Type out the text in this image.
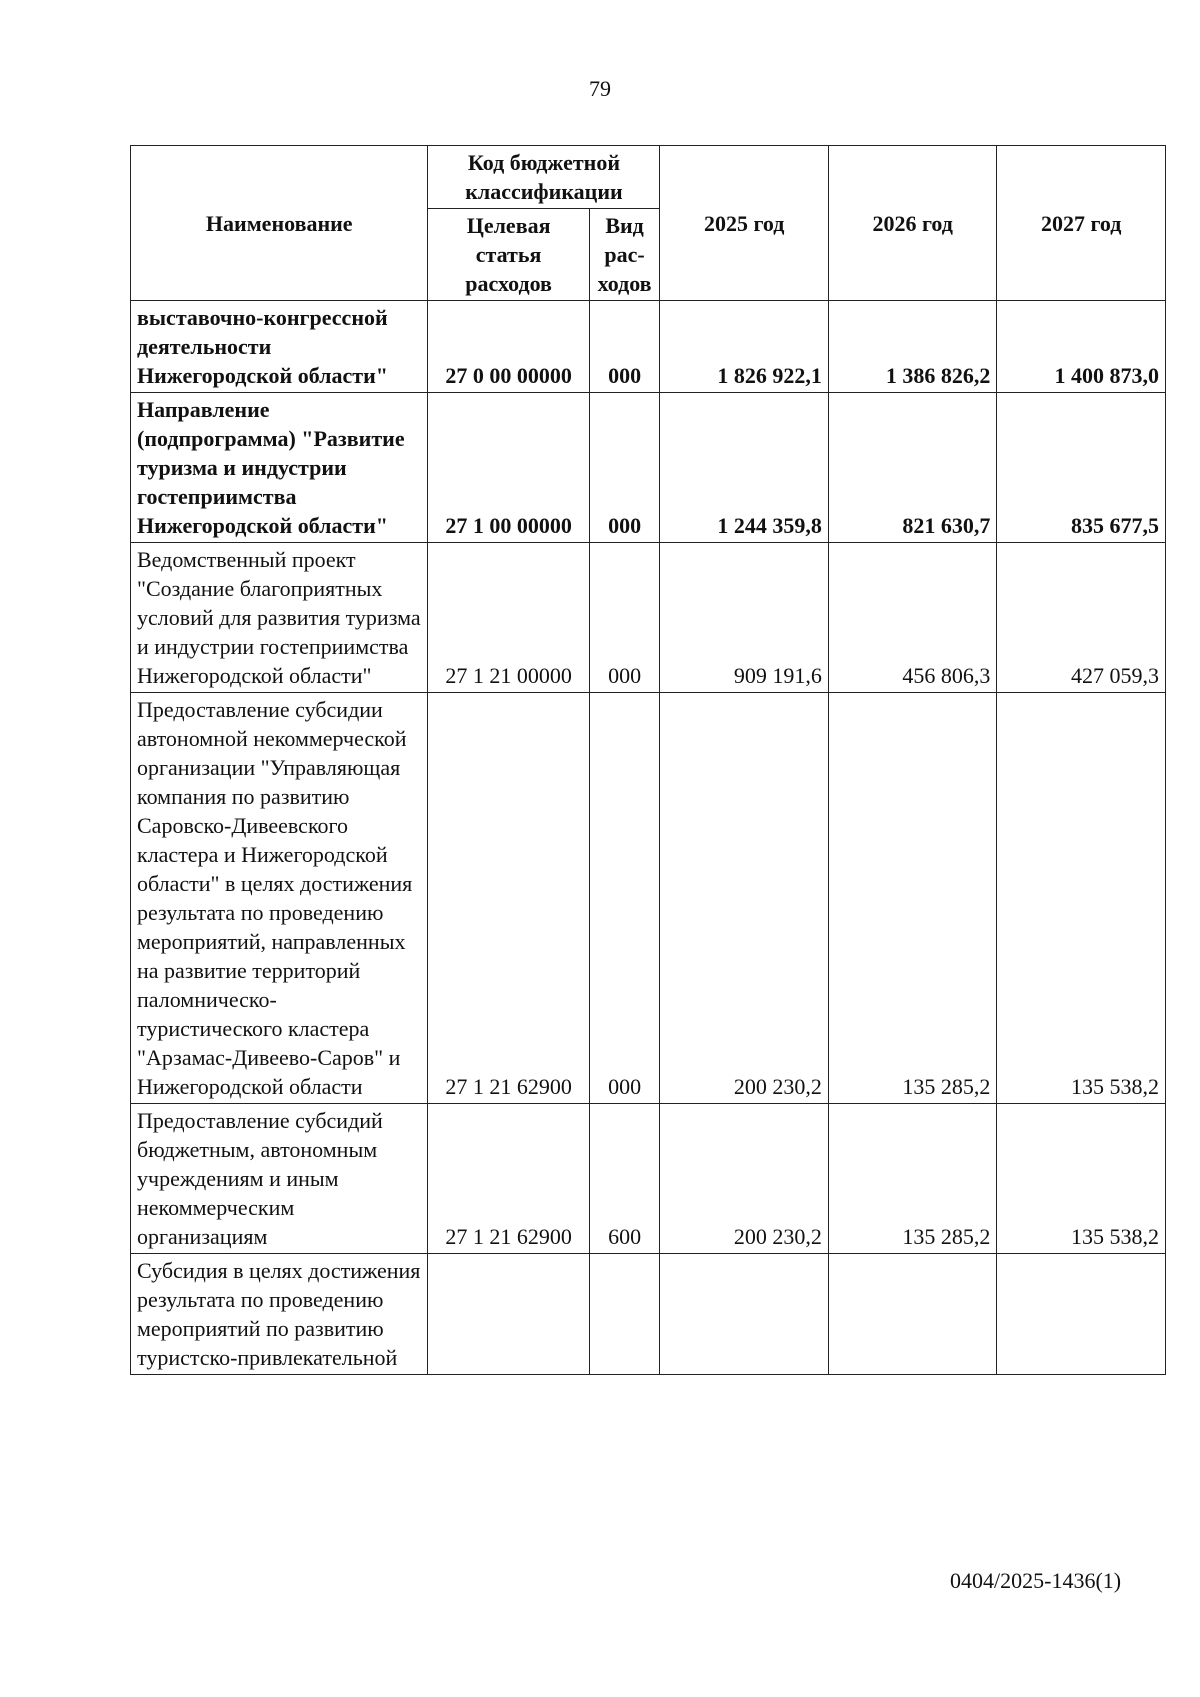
79
Наименование	Код бюджетной классификации		2025 год	2026 год	2027 год
	Целевая статья расходов	Вид рас-ходов			
выставочно-конгрессной деятельности Нижегородской области"	27 0 00 00000	000	1 826 922,1	1 386 826,2	1 400 873,0
Направление (подпрограмма) "Развитие туризма и индустрии гостеприимства Нижегородской области"	27 1 00 00000	000	1 244 359,8	821 630,7	835 677,5
Ведомственный проект "Создание благоприятных условий для развития туризма и индустрии гостеприимства Нижегородской области"	27 1 21 00000	000	909 191,6	456 806,3	427 059,3
Предоставление субсидии автономной некоммерческой организации "Управляющая компания по развитию Саровско-Дивеевского кластера и Нижегородской области" в целях достижения результата по проведению мероприятий, направленных на развитие территорий паломническо-туристического кластера "Арзамас-Дивеево-Саров" и Нижегородской области	27 1 21 62900	000	200 230,2	135 285,2	135 538,2
Предоставление субсидий бюджетным, автономным учреждениям и иным некоммерческим организациям	27 1 21 62900	600	200 230,2	135 285,2	135 538,2
Субсидия в целях достижения результата по проведению мероприятий по развитию туристско-привлекательной					
0404/2025-1436(1)
